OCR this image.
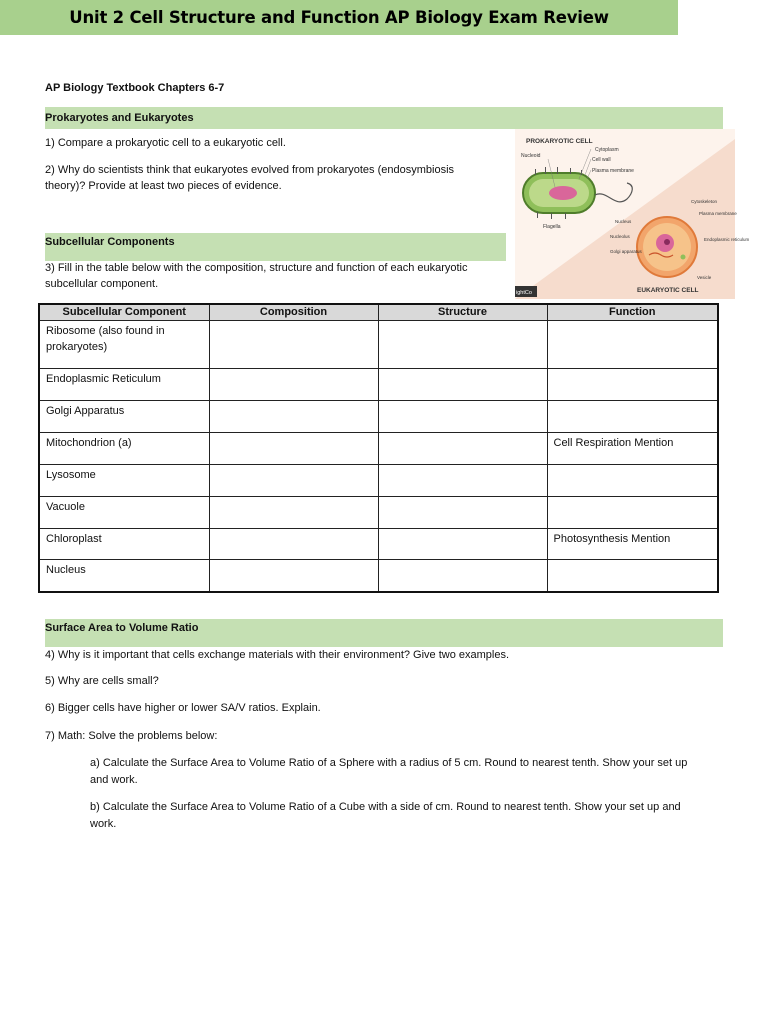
Unit 2 Cell Structure and Function AP Biology Exam Review
AP Biology Textbook Chapters 6-7
Prokaryotes and Eukaryotes
1) Compare a prokaryotic cell to a eukaryotic cell.
2) Why do scientists think that eukaryotes evolved from prokaryotes (endosymbiosis
theory)? Provide at least two pieces of evidence.
Subcellular Components
3) Fill in the table below with the composition, structure and function of each eukaryotic
subcellular component.
PROKARYOTIC CELL
Nucleoid
Cytoplasm
Cell wall
Plasma membrane
Flagella
Cytoskeleton
Plasma membrane
Nucleus
Nucleolus
Endoplasmic reticulum
Golgi apparatus
Vesicle
EUKARYOTIC CELL
ightCo
Subcellular Component	Composition	Structure	Function
Ribosome (also found in prokaryotes)			
Endoplasmic Reticulum			
Golgi Apparatus			
Mitochondrion (a)			Cell Respiration Mention
Lysosome			
Vacuole			
Chloroplast			Photosynthesis Mention
Nucleus			
Surface Area to Volume Ratio
4) Why is it important that cells exchange materials with their environment? Give two examples.
5) Why are cells small?
6) Bigger cells have higher or lower SA/V ratios. Explain.
7) Math: Solve the problems below:
a) Calculate the Surface Area to Volume Ratio of a Sphere with a radius of 5 cm. Round to nearest tenth. Show your set up
and work.
b) Calculate the Surface Area to Volume Ratio of a Cube with a side of cm. Round to nearest tenth. Show your set up and
work.
